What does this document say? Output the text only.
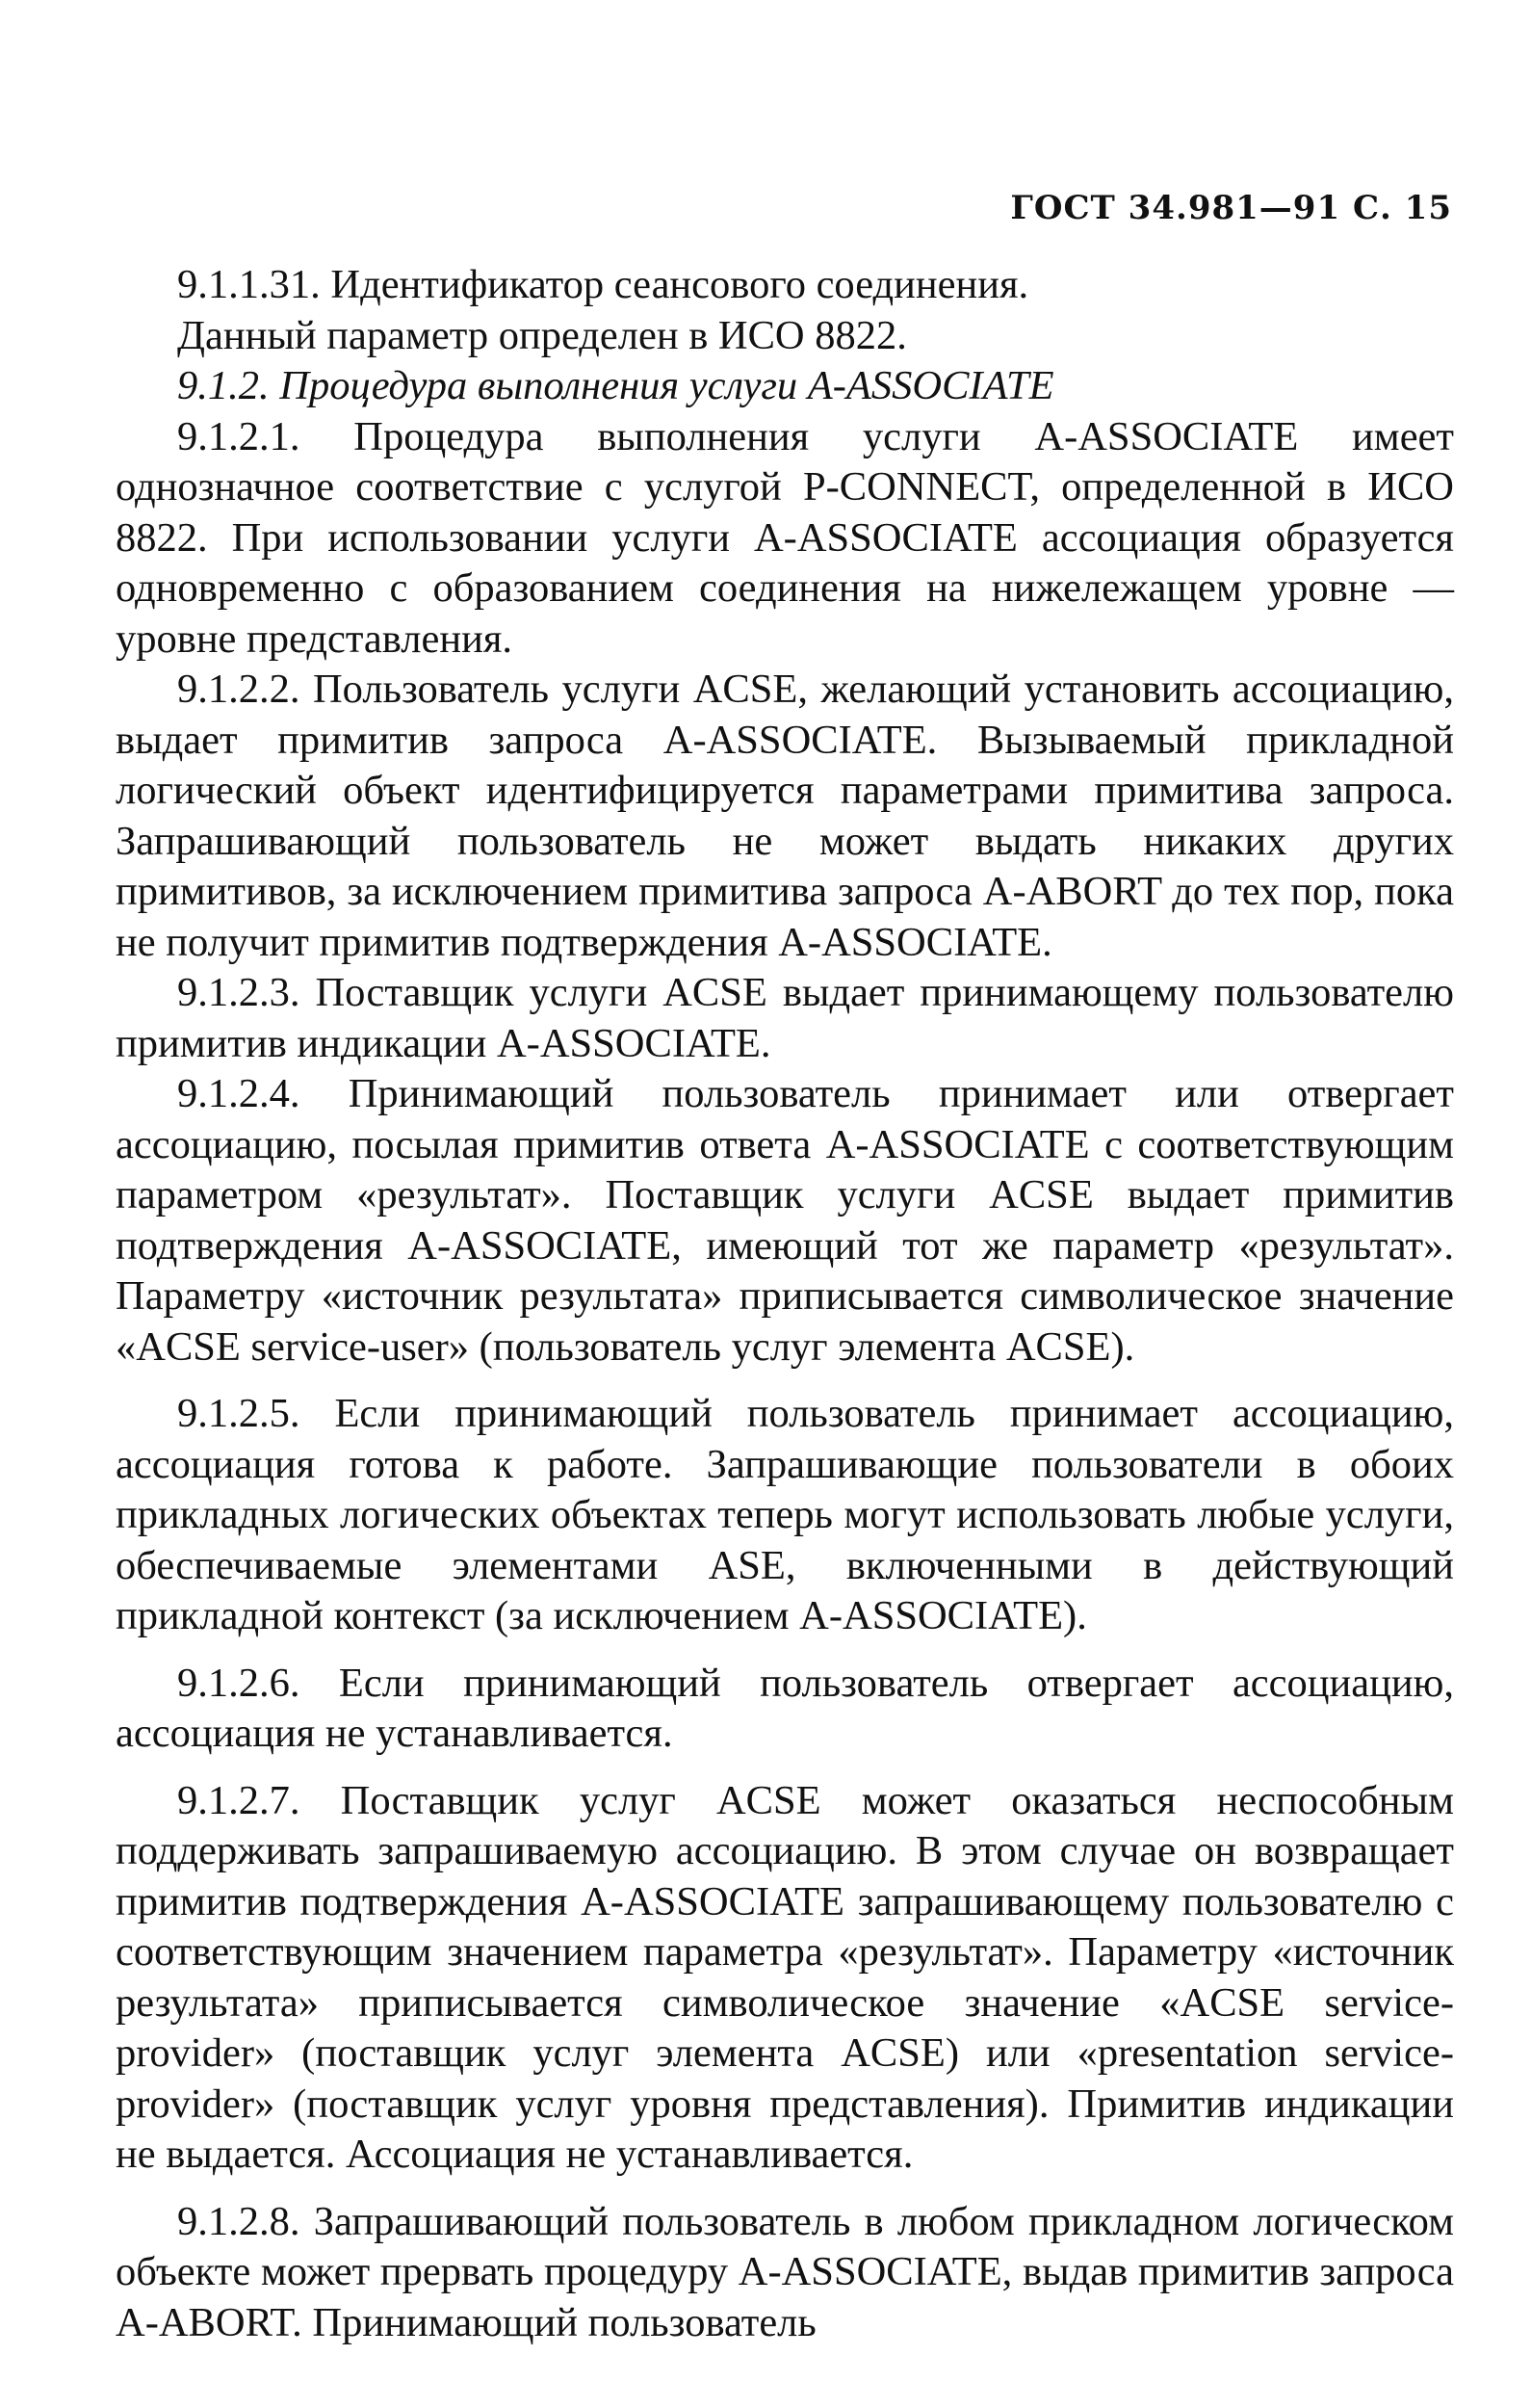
ГОСТ 34.981—91 С. 15

9.1.1.31. Идентификатор сеансового соединения.

Данный параметр определен в ИСО 8822.

9.1.2. Процедура выполнения услуги A-ASSOCIATE

9.1.2.1. Процедура выполнения услуги A-ASSOCIATE имеет однозначное соответствие с услугой P-CONNECT, определенной в ИСО 8822. При использовании услуги A-ASSOCIATE ассоциация образуется одновременно с образованием соединения на нижележащем уровне — уровне представления.

9.1.2.2. Пользователь услуги ACSE, желающий установить ассоциацию, выдает примитив запроса A-ASSOCIATE. Вызываемый прикладной логический объект идентифицируется параметрами примитива запроса. Запрашивающий пользователь не может выдать никаких других примитивов, за исключением примитива запроса A-ABORT до тех пор, пока не получит примитив подтверждения A-ASSOCIATE.

9.1.2.3. Поставщик услуги ACSE выдает принимающему пользователю примитив индикации A-ASSOCIATE.

9.1.2.4. Принимающий пользователь принимает или отвергает ассоциацию, посылая примитив ответа A-ASSOCIATE с соответствующим параметром «результат». Поставщик услуги ACSE выдает примитив подтверждения A-ASSOCIATE, имеющий тот же параметр «результат». Параметру «источник результата» приписывается символическое значение «ACSE service-user» (пользователь услуг элемента ACSE).

9.1.2.5. Если принимающий пользователь принимает ассоциацию, ассоциация готова к работе. Запрашивающие пользователи в обоих прикладных логических объектах теперь могут использовать любые услуги, обеспечиваемые элементами ASE, включенными в действующий прикладной контекст (за исключением A-ASSOCIATE).

9.1.2.6. Если принимающий пользователь отвергает ассоциацию, ассоциация не устанавливается.

9.1.2.7. Поставщик услуг ACSE может оказаться неспособным поддерживать запрашиваемую ассоциацию. В этом случае он возвращает примитив подтверждения A-ASSOCIATE запрашивающему пользователю с соответствующим значением параметра «результат». Параметру «источник результата» приписывается символическое значение «ACSE service-provider» (поставщик услуг элемента ACSE) или «presentation service-provider» (поставщик услуг уровня представления). Примитив индикации не выдается. Ассоциация не устанавливается.

9.1.2.8. Запрашивающий пользователь в любом прикладном логическом объекте может прервать процедуру A-ASSOCIATE, выдав примитив запроса A-ABORT. Принимающий пользователь
